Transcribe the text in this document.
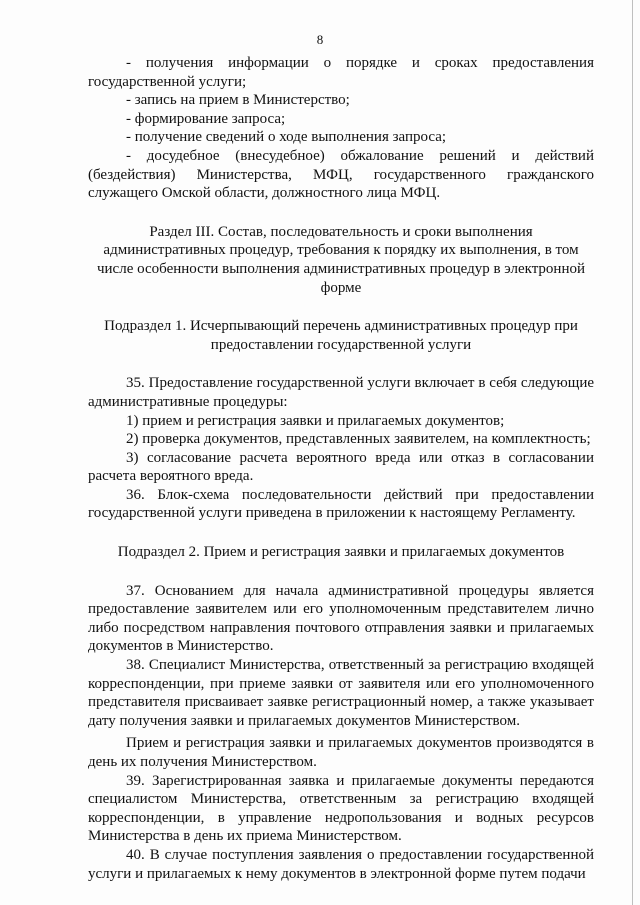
8

- получения информации о порядке и сроках предоставления государственной услуги;

- запись на прием в Министерство;

- формирование запроса;

- получение сведений о ходе выполнения запроса;

- досудебное (внесудебное) обжалование решений и действий (бездействия) Министерства, МФЦ, государственного гражданского служащего Омской области, должностного лица МФЦ.

Раздел III. Состав, последовательность и сроки выполнения административных процедур, требования к порядку их выполнения, в том числе особенности выполнения административных процедур в электронной форме

Подраздел 1. Исчерпывающий перечень административных процедур при предоставлении государственной услуги

35. Предоставление государственной услуги включает в себя следующие административные процедуры:

1) прием и регистрация заявки и прилагаемых документов;

2) проверка документов, представленных заявителем, на комплектность;

3) согласование расчета вероятного вреда или отказ в согласовании расчета вероятного вреда.

36. Блок-схема последовательности действий при предоставлении государственной услуги приведена в приложении к настоящему Регламенту.

Подраздел 2. Прием и регистрация заявки и прилагаемых документов

37. Основанием для начала административной процедуры является предоставление заявителем или его уполномоченным представителем лично либо посредством направления почтового отправления заявки и прилагаемых документов в Министерство.

38. Специалист Министерства, ответственный за регистрацию входящей корреспонденции, при приеме заявки от заявителя или его уполномоченного представителя присваивает заявке регистрационный номер, а также указывает дату получения заявки и прилагаемых документов Министерством.

Прием и регистрация заявки и прилагаемых документов производятся в день их получения Министерством.

39. Зарегистрированная заявка и прилагаемые документы передаются специалистом Министерства, ответственным за регистрацию входящей корреспонденции, в управление недропользования и водных ресурсов Министерства в день их приема Министерством.

40. В случае поступления заявления о предоставлении государственной услуги и прилагаемых к нему документов в электронной форме путем подачи
